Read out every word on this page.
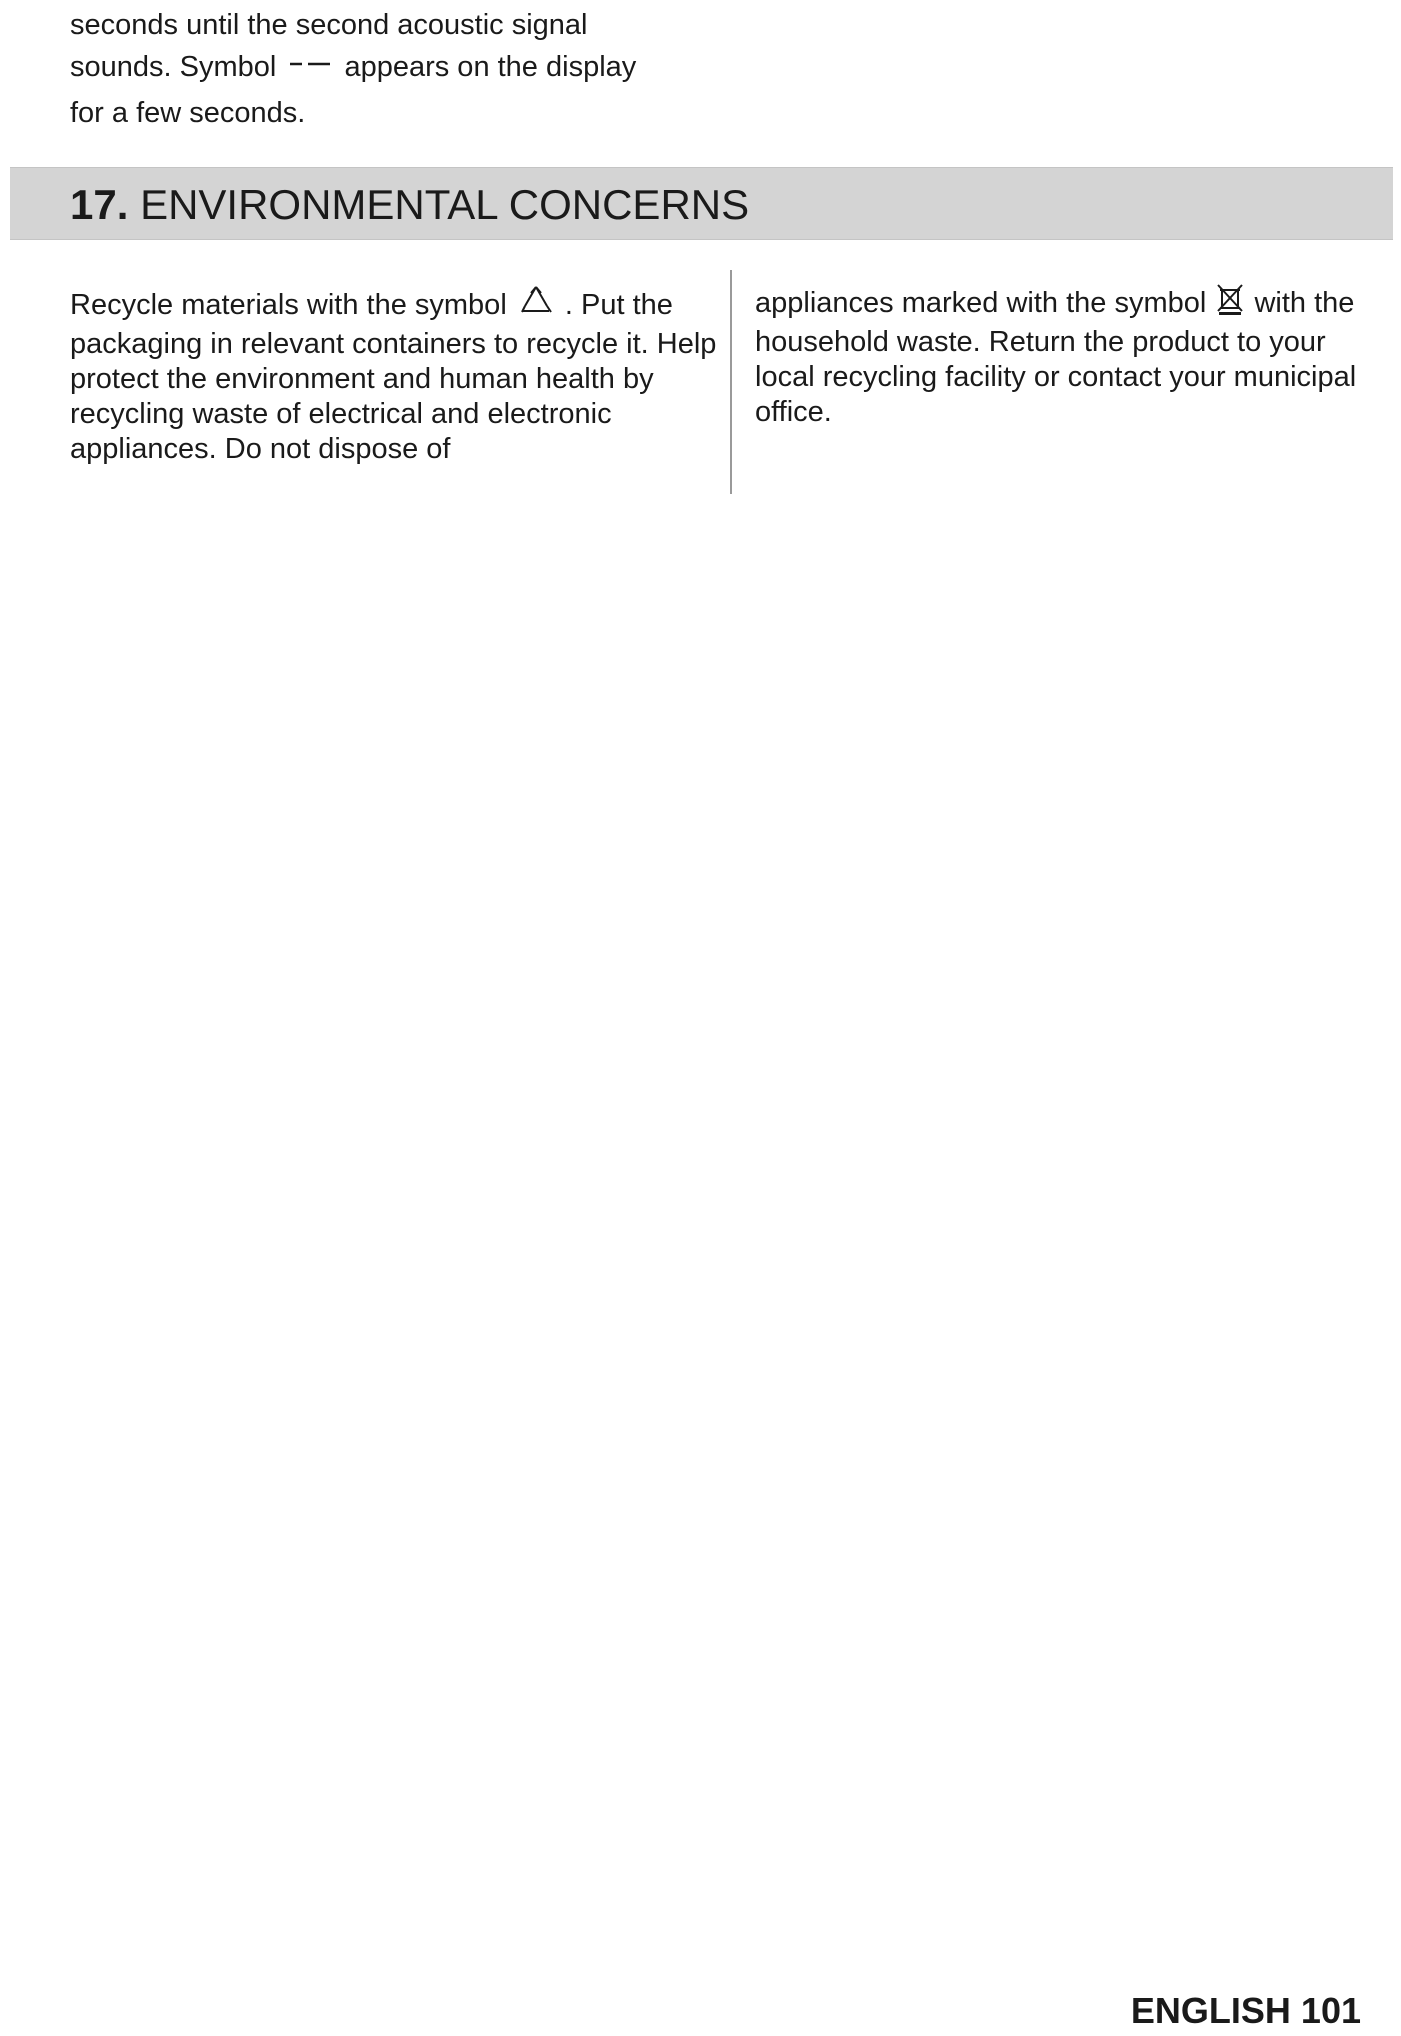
seconds until the second acoustic signal

sounds. Symbol appears on the display

for a few seconds.

17. ENVIRONMENTAL CONCERNS

Recycle materials with the symbol . Put the packaging in relevant containers to recycle it. Help protect the environment and human health by recycling waste of electrical and electronic appliances. Do not dispose of

appliances marked with the symbol with the household waste. Return the product to your local recycling facility or contact your municipal office.

ENGLISH 101
